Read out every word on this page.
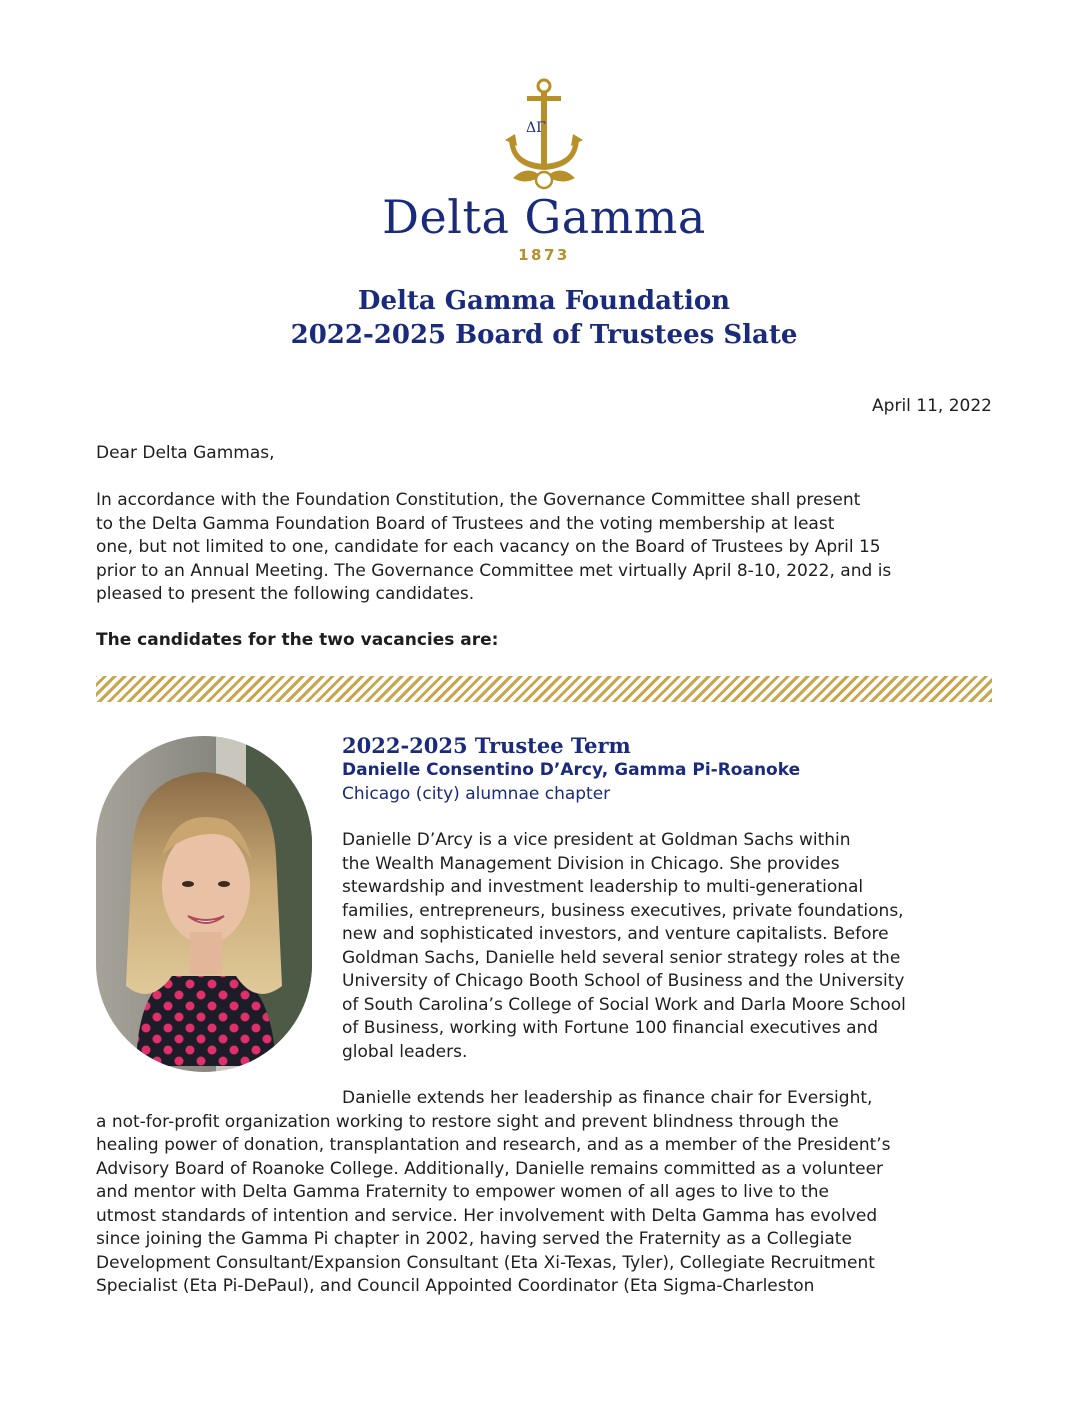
ΔΓ
Delta Gamma
1873
Delta Gamma Foundation
2022-2025 Board of Trustees Slate
April 11, 2022
Dear Delta Gammas,

In accordance with the Foundation Constitution, the Governance Committee shall present
to the Delta Gamma Foundation Board of Trustees and the voting membership at least
one, but not limited to one, candidate for each vacancy on the Board of Trustees by April 15
prior to an Annual Meeting. The Governance Committee met virtually April 8-10, 2022, and is
pleased to present the following candidates.

The candidates for the two vacancies are:
2022-2025 Trustee Term
Danielle Consentino D’Arcy, Gamma Pi-Roanoke
Chicago (city) alumnae chapter

Danielle D’Arcy is a vice president at Goldman Sachs within
the Wealth Management Division in Chicago. She provides
stewardship and investment leadership to multi-generational
families, entrepreneurs, business executives, private foundations,
new and sophisticated investors, and venture capitalists. Before
Goldman Sachs, Danielle held several senior strategy roles at the
University of Chicago Booth School of Business and the University
of South Carolina’s College of Social Work and Darla Moore School
of Business, working with Fortune 100 financial executives and
global leaders.

Danielle extends her leadership as finance chair for Eversight,
a not-for-profit organization working to restore sight and prevent blindness through the
healing power of donation, transplantation and research, and as a member of the President’s
Advisory Board of Roanoke College. Additionally, Danielle remains committed as a volunteer
and mentor with Delta Gamma Fraternity to empower women of all ages to live to the
utmost standards of intention and service. Her involvement with Delta Gamma has evolved
since joining the Gamma Pi chapter in 2002, having served the Fraternity as a Collegiate
Development Consultant/Expansion Consultant (Eta Xi-Texas, Tyler), Collegiate Recruitment
Specialist (Eta Pi-DePaul), and Council Appointed Coordinator (Eta Sigma-Charleston
